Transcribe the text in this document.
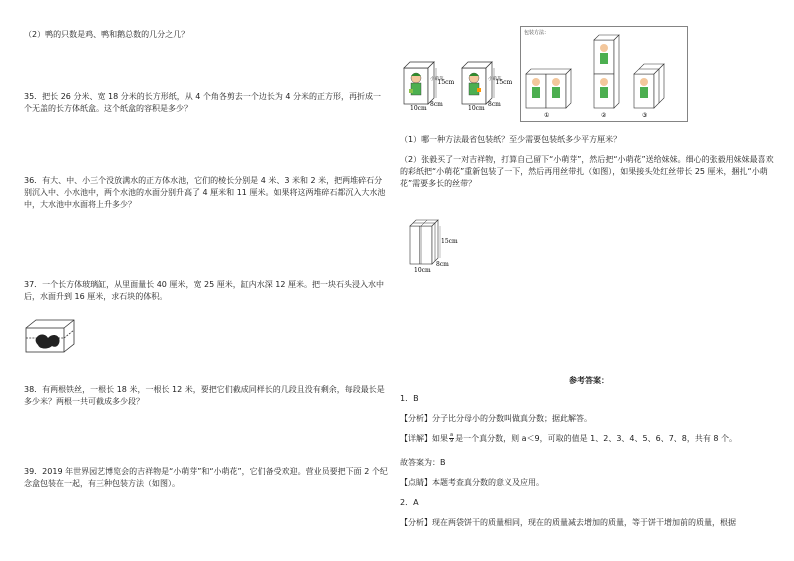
（2）鸭的只数是鸡、鸭和鹅总数的几分之几？

35．把长 26 分米、宽 18 分米的长方形纸，从 4 个角各剪去一个边长为 4 分米的正方形，再折成一个无盖的长方体纸盒。这个纸盒的容积是多少？

36．有大、中、小三个没放满水的正方体水池，它们的棱长分别是 4 米、3 米和 2 米，把两堆碎石分别沉入中、小水池中，两个水池的水面分别升高了 4 厘米和 11 厘米。如果将这两堆碎石都沉入大水池中，大水池中水面将上升多少？

37．一个长方体玻璃缸，从里面量长 40 厘米，宽 25 厘米，缸内水深 12 厘米。把一块石头浸入水中后，水面升到 16 厘米，求石块的体积。

38．有两根铁丝，一根长 18 米，一根长 12 米，要把它们截成同样长的几段且没有剩余，每段最长是多少米？两根一共可截成多少段？

39．2019 年世界园艺博览会的吉祥物是“小萌芽”和“小萌花”，它们备受欢迎。营业员要把下面 2 个纪念盒包装在一起，有三种包装方法（如图）。

小萌芽
15cm
10cm
8cm
小萌花
15cm
10cm
8cm
包装方法：
①	②	③

（1）哪一种方法最省包装纸？至少需要包装纸多少平方厘米？

（2）张毅买了一对吉祥物，打算自己留下“小萌芽”，然后把“小萌花”送给妹妹。细心的张毅用妹妹最喜欢的彩纸把“小萌花”重新包装了一下，然后再用丝带扎（如图），如果接头处红丝带长 25 厘米，捆扎“小萌花”需要多长的丝带？

15cm
10cm
8cm

参考答案：

1．B

【分析】分子比分母小的分数叫做真分数；据此解答。

【详解】如果 $\frac{a}{9}$ 是一个真分数，则 a＜9，可取的值是 1、2、3、4、5、6、7、8，共有 8 个。

故答案为：B

【点睛】本题考查真分数的意义及应用。

2．A

【分析】现在两袋饼干的质量相同，现在的质量减去增加的质量，等于饼干增加前的质量，根据
